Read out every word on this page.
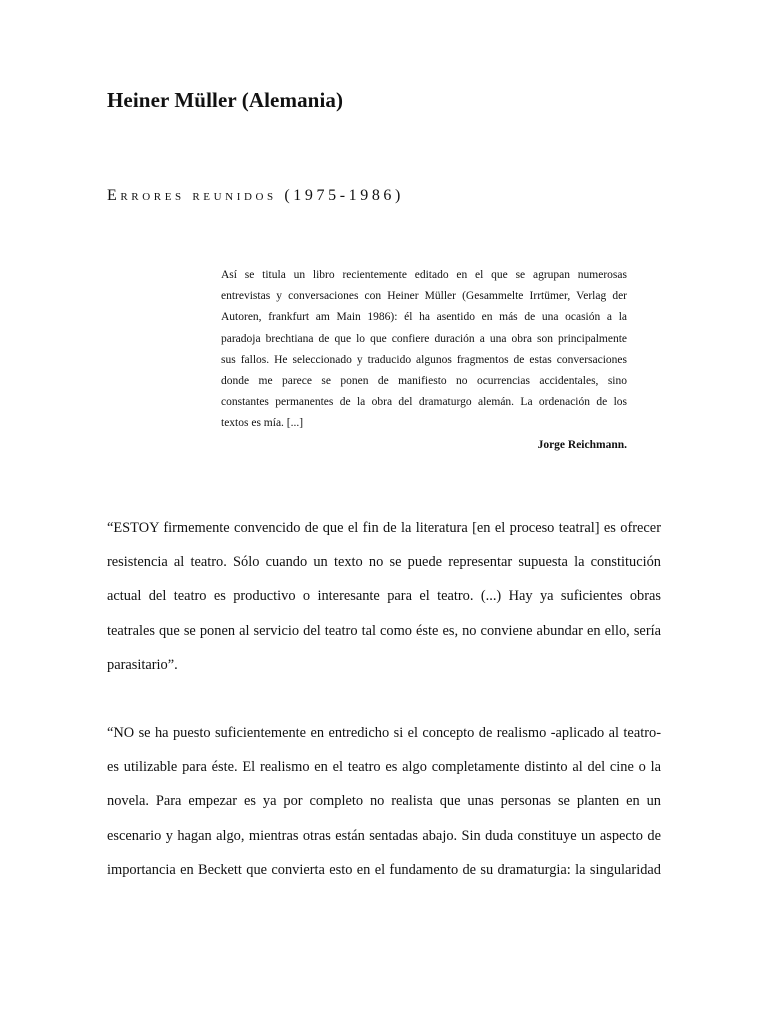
Heiner Müller (Alemania)
Errores reunidos (1975-1986)
Así se titula un libro recientemente editado en el que se agrupan numerosas
entrevistas y conversaciones con Heiner Müller (Gesammelte Irrtümer, Verlag der
Autoren, frankfurt am Main 1986): él ha asentido en más de una ocasión a la
paradoja brechtiana de que lo que confiere duración a una obra son principalmente
sus fallos. He seleccionado y traducido algunos fragmentos de estas conversaciones
donde me parece se ponen de manifiesto no ocurrencias accidentales, sino
constantes permanentes de la obra del dramaturgo alemán. La ordenación de los
textos es mía. [...]
Jorge Reichmann.
“ESTOY firmemente convencido de que el fin de la literatura [en el proceso teatral] es ofrecer
resistencia al teatro. Sólo cuando un texto no se puede representar supuesta la constitución
actual del teatro es productivo o interesante para el teatro. (...) Hay ya suficientes obras
teatrales que se ponen al servicio del teatro tal como éste es, no conviene abundar en ello, sería
parasitario”.
“NO se ha puesto suficientemente en entredicho si el concepto de realismo -aplicado al teatro-
es utilizable para éste. El realismo en el teatro es algo completamente distinto al del cine o la
novela. Para empezar es ya por completo no realista que unas personas se planten en un
escenario y hagan algo, mientras otras están sentadas abajo. Sin duda constituye un aspecto de
importancia en Beckett que convierta esto en el fundamento de su dramaturgia: la singularidad
